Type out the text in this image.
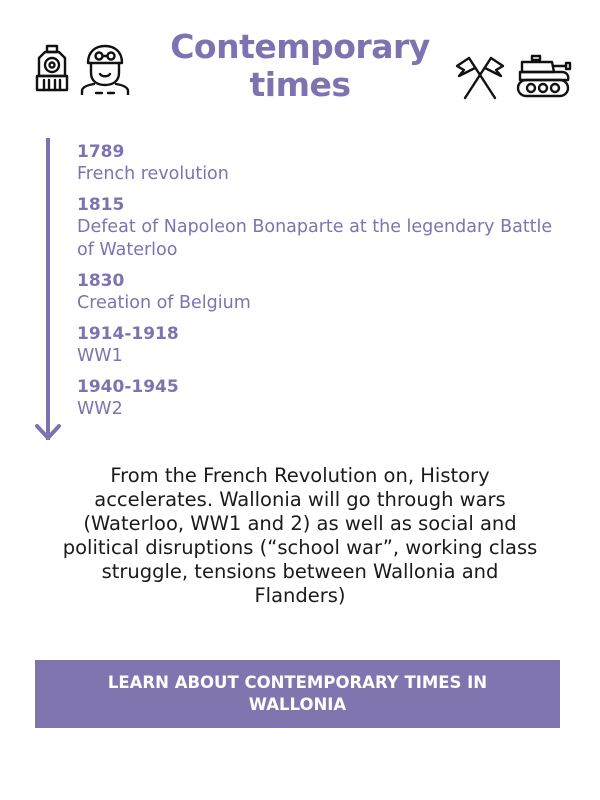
Contemporary times
1789
French revolution
1815
Defeat of Napoleon Bonaparte at the legendary Battle of Waterloo
1830
Creation of Belgium
1914-1918
WW1
1940-1945
WW2
From the French Revolution on, History accelerates. Wallonia will go through wars (Waterloo, WW1 and 2) as well as social and political disruptions (“school war”, working class struggle, tensions between Wallonia and Flanders)
LEARN ABOUT CONTEMPORARY TIMES IN WALLONIA
